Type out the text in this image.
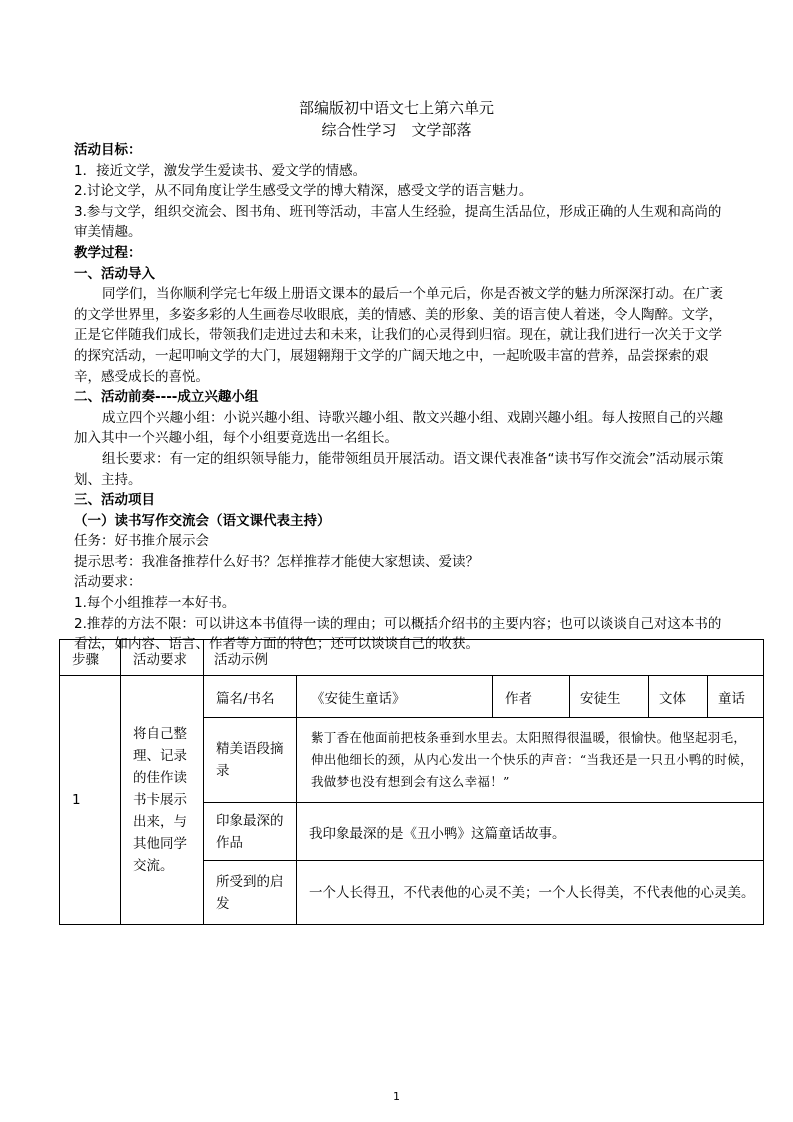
部编版初中语文七上第六单元
综合性学习　文学部落

活动目标：

1．接近文学，激发学生爱读书、爱文学的情感。

2.讨论文学，从不同角度让学生感受文学的博大精深，感受文学的语言魅力。

3.参与文学，组织交流会、图书角、班刊等活动，丰富人生经验，提高生活品位，形成正确的人生观和高尚的审美情趣。

教学过程：

一、活动导入

同学们，当你顺利学完七年级上册语文课本的最后一个单元后，你是否被文学的魅力所深深打动。在广袤的文学世界里，多姿多彩的人生画卷尽收眼底，美的情感、美的形象、美的语言使人着迷，令人陶醉。文学，正是它伴随我们成长，带领我们走进过去和未来，让我们的心灵得到归宿。现在，就让我们进行一次关于文学的探究活动，一起叩响文学的大门，展翅翱翔于文学的广阔天地之中，一起吮吸丰富的营养，品尝探索的艰辛，感受成长的喜悦。

二、活动前奏----成立兴趣小组

成立四个兴趣小组：小说兴趣小组、诗歌兴趣小组、散文兴趣小组、戏剧兴趣小组。每人按照自己的兴趣加入其中一个兴趣小组，每个小组要竟选出一名组长。

组长要求：有一定的组织领导能力，能带领组员开展活动。语文课代表准备“读书写作交流会”活动展示策划、主持。

三、活动项目

（一）读书写作交流会（语文课代表主持）

任务：好书推介展示会

提示思考：我准备推荐什么好书？怎样推荐才能使大家想读、爱读？

活动要求：

1.每个小组推荐一本好书。

2.推荐的方法不限：可以讲这本书值得一读的理由；可以概括介绍书的主要内容；也可以谈谈自己对这本书的看法，如内容、语言、作者等方面的特色；还可以谈谈自己的收获。

步骤	活动要求	活动示例					
1	将自己整理、记录的佳作读书卡展示出来，与其他同学交流。	篇名/书名	《安徒生童话》	作者	安徒生	文体	童话
		精美语段摘录	紫丁香在他面前把枝条垂到水里去。太阳照得很温暖，很愉快。他坚起羽毛，伸出他细长的颈，从内心发出一个快乐的声音：“当我还是一只丑小鸭的时候，我做梦也没有想到会有这么幸福！”				
		印象最深的作品	我印象最深的是《丑小鸭》这篇童话故事。				
		所受到的启发	一个人长得丑，不代表他的心灵不美；一个人长得美，不代表他的心灵美。				
1
